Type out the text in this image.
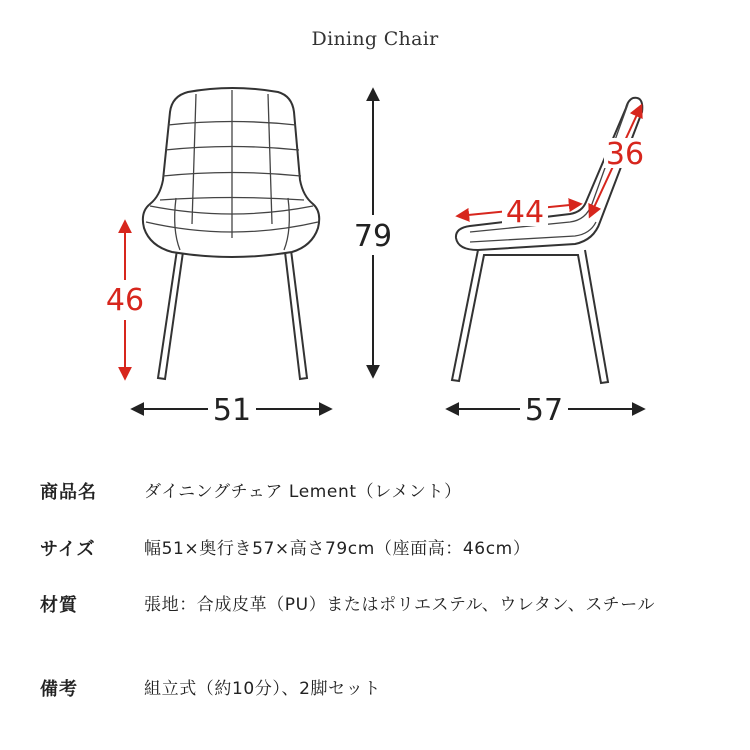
Dining Chair
79
46
51	57
44
36
商品名	ダイニングチェア Lement（レメント）
サイズ	幅51×奥行き57×高さ79cm（座面高：46cm）
材質	張地：合成皮革（PU）またはポリエステル、ウレタン、スチール
備考	組立式（約10分）、2脚セット
